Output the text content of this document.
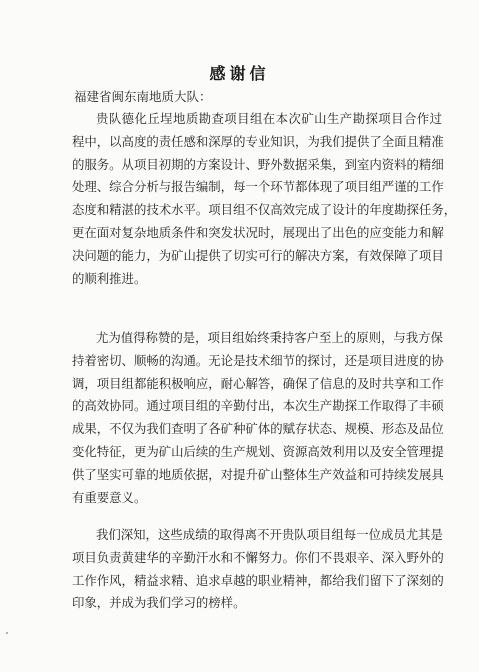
感谢信
福建省闽东南地质大队：
贵队德化丘埕地质勘查项目组在本次矿山生产勘探项目合作过
程中，以高度的责任感和深厚的专业知识，为我们提供了全面且精准
的服务。从项目初期的方案设计、野外数据采集，到室内资料的精细
处理、综合分析与报告编制，每一个环节都体现了项目组严谨的工作
态度和精湛的技术水平。项目组不仅高效完成了设计的年度勘探任务，
更在面对复杂地质条件和突发状况时，展现出了出色的应变能力和解
决问题的能力，为矿山提供了切实可行的解决方案，有效保障了项目
的顺利推进。
尤为值得称赞的是，项目组始终秉持客户至上的原则，与我方保
持着密切、顺畅的沟通。无论是技术细节的探讨，还是项目进度的协
调，项目组都能积极响应，耐心解答，确保了信息的及时共享和工作
的高效协同。通过项目组的辛勤付出，本次生产勘探工作取得了丰硕
成果，不仅为我们查明了各矿种矿体的赋存状态、规模、形态及品位
变化特征，更为矿山后续的生产规划、资源高效利用以及安全管理提
供了坚实可靠的地质依据，对提升矿山整体生产效益和可持续发展具
有重要意义。
我们深知，这些成绩的取得离不开贵队项目组每一位成员尤其是
项目负责黄建华的辛勤汗水和不懈努力。你们不畏艰辛、深入野外的
工作作风，精益求精、追求卓越的职业精神，都给我们留下了深刻的
印象，并成为我们学习的榜样。
